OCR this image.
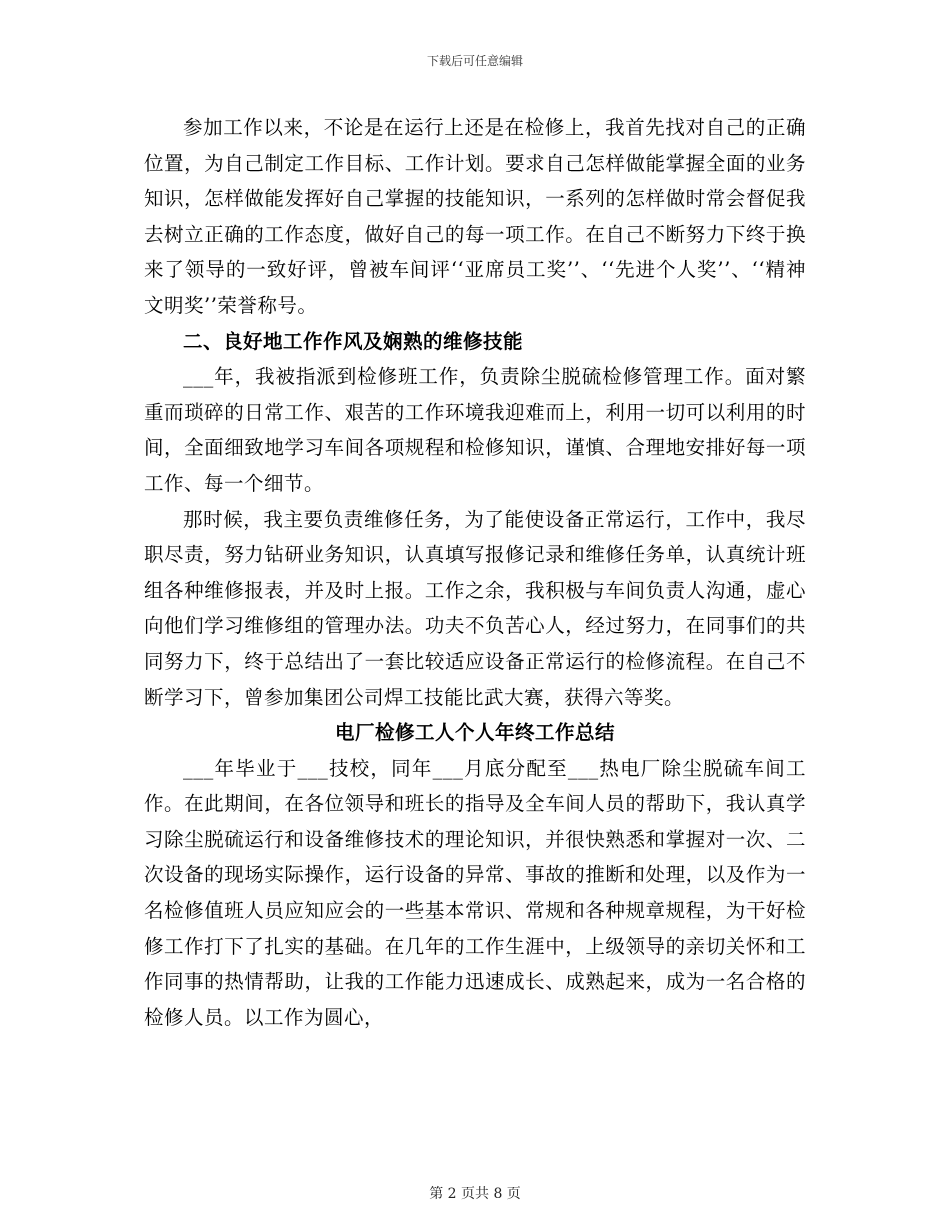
下载后可任意编辑

参加工作以来，不论是在运行上还是在检修上，我首先找对自己的正确位置，为自己制定工作目标、工作计划。要求自己怎样做能掌握全面的业务知识，怎样做能发挥好自己掌握的技能知识，一系列的怎样做时常会督促我去树立正确的工作态度，做好自己的每一项工作。在自己不断努力下终于换来了领导的一致好评，曾被车间评‘‘亚席员工奖’’、‘‘先进个人奖’’、‘‘精神文明奖’’荣誉称号。

二、良好地工作作风及娴熟的维修技能

___年，我被指派到检修班工作，负责除尘脱硫检修管理工作。面对繁重而琐碎的日常工作、艰苦的工作环境我迎难而上，利用一切可以利用的时间，全面细致地学习车间各项规程和检修知识，谨慎、合理地安排好每一项工作、每一个细节。

那时候，我主要负责维修任务，为了能使设备正常运行，工作中，我尽职尽责，努力钻研业务知识，认真填写报修记录和维修任务单，认真统计班组各种维修报表，并及时上报。工作之余，我积极与车间负责人沟通，虚心向他们学习维修组的管理办法。功夫不负苦心人，经过努力，在同事们的共同努力下，终于总结出了一套比较适应设备正常运行的检修流程。在自己不断学习下，曾参加集团公司焊工技能比武大赛，获得六等奖。

电厂检修工人个人年终工作总结

___年毕业于___技校，同年___月底分配至___热电厂除尘脱硫车间工作。在此期间，在各位领导和班长的指导及全车间人员的帮助下，我认真学习除尘脱硫运行和设备维修技术的理论知识，并很快熟悉和掌握对一次、二次设备的现场实际操作，运行设备的异常、事故的推断和处理，以及作为一名检修值班人员应知应会的一些基本常识、常规和各种规章规程，为干好检修工作打下了扎实的基础。在几年的工作生涯中，上级领导的亲切关怀和工作同事的热情帮助，让我的工作能力迅速成长、成熟起来，成为一名合格的检修人员。以工作为圆心，

第 2 页共 8 页
